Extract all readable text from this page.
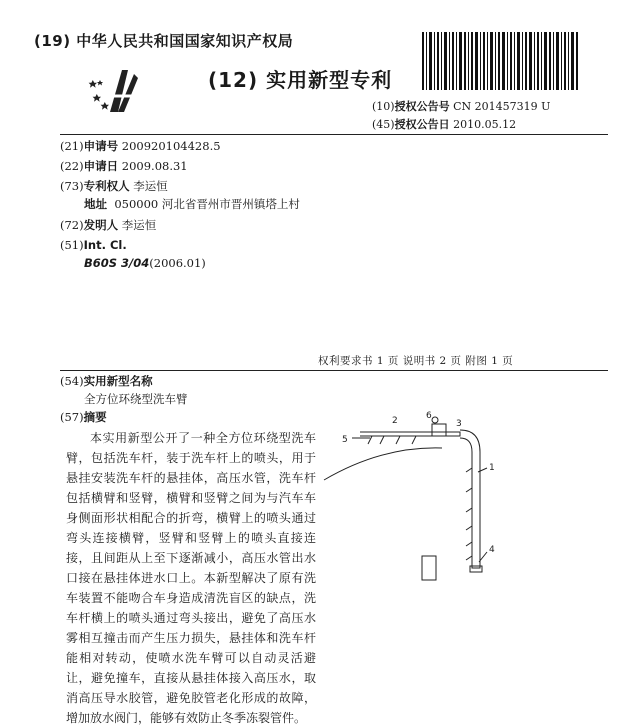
(19) 中华人民共和国国家知识产权局
(12) 实用新型专利
(10)授权公告号 CN 201457319 U
(45)授权公告日 2010.05.12
(21)申请号 200920104428.5
(22)申请日 2009.08.31
(73)专利权人 李运恒
地址 050000 河北省晋州市晋州镇塔上村
(72)发明人 李运恒
(51)Int. Cl.
B60S 3/04(2006.01)
权利要求书 1 页 说明书 2 页 附图 1 页
(54)实用新型名称
全方位环绕型洗车臂
(57)摘要
本实用新型公开了一种全方位环绕型洗车臂，包括洗车杆，装于洗车杆上的喷头，用于悬挂安装洗车杆的悬挂体，高压水管，洗车杆包括横臂和竖臂，横臂和竖臂之间为与汽车车身侧面形状相配合的折弯，横臂上的喷头通过弯头连接横臂，竖臂和竖臂上的喷头直接连接，且间距从上至下逐渐减小，高压水管出水口接在悬挂体进水口上。本新型解决了原有洗车装置不能吻合车身造成清洗盲区的缺点，洗车杆横上的喷头通过弯头接出，避免了高压水雾相互撞击而产生压力损失，悬挂体和洗车杆能相对转动，使喷水洗车臂可以自动灵活避让，避免撞车，直接从悬挂体接入高压水，取消高压导水胶管，避免胶管老化形成的故障，增加放水阀门，能够有效防止冬季冻裂管件。
1
2	3
4
5
6
